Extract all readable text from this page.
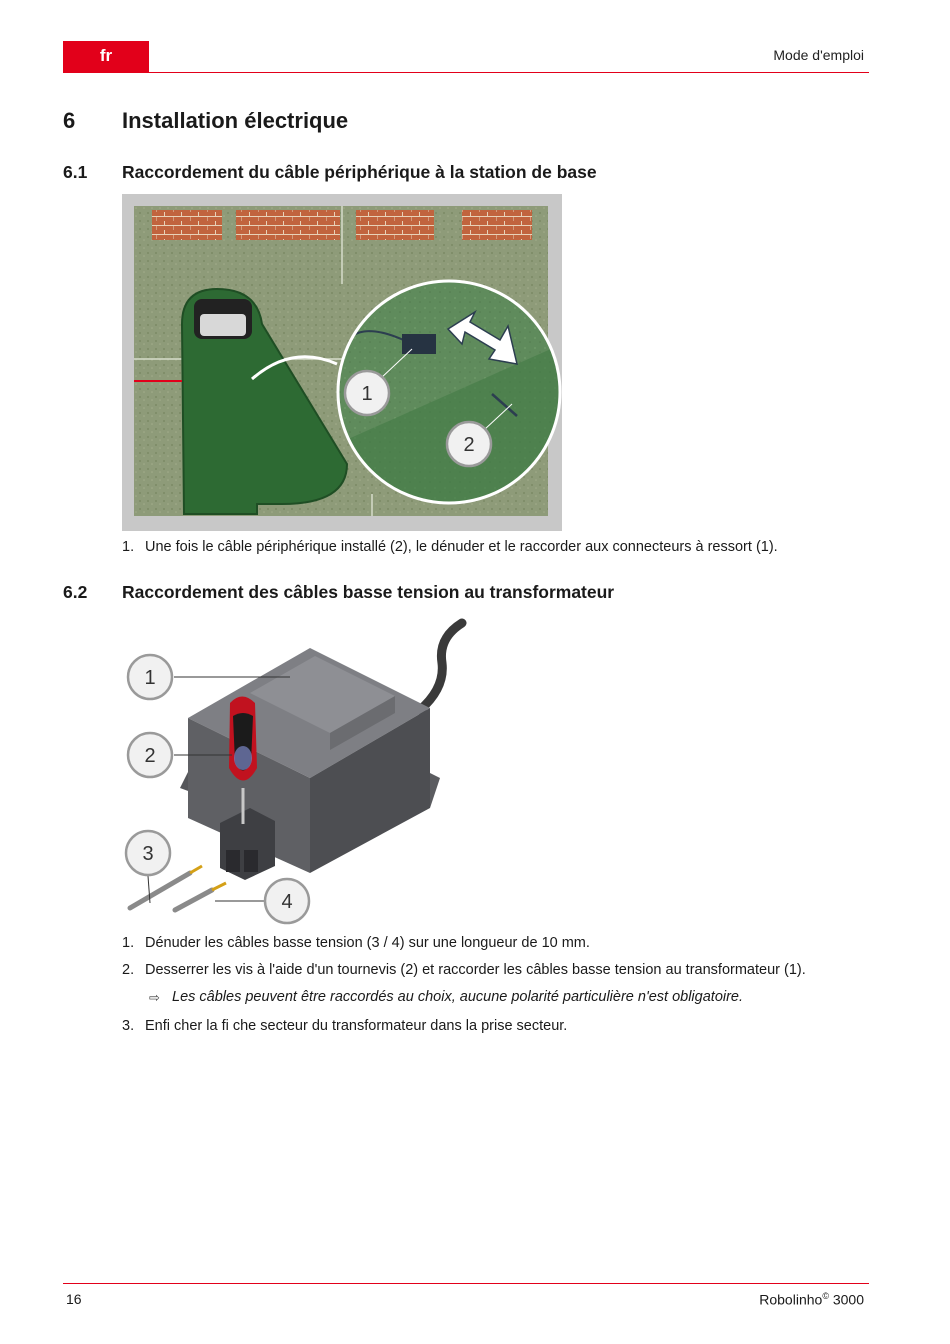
fr	Mode d'emploi
6 Installation électrique
6.1 Raccordement du câble périphérique à la station de base
1
2
1. Une fois le câble périphérique installé (2), le dénuder et le raccorder aux connecteurs à ressort (1).
6.2 Raccordement des câbles basse tension au transformateur
1
2
3
4
1. Dénuder les câbles basse tension (3 / 4) sur une longueur de 10 mm.
2. Desserrer les vis à l'aide d'un tournevis (2) et raccorder les câbles basse tension au transformateur (1).
⇨ Les câbles peuvent être raccordés au choix, aucune polarité particulière n'est obligatoire.
3. Enfi cher la fi che secteur du transformateur dans la prise secteur.
16	Robolinho© 3000
